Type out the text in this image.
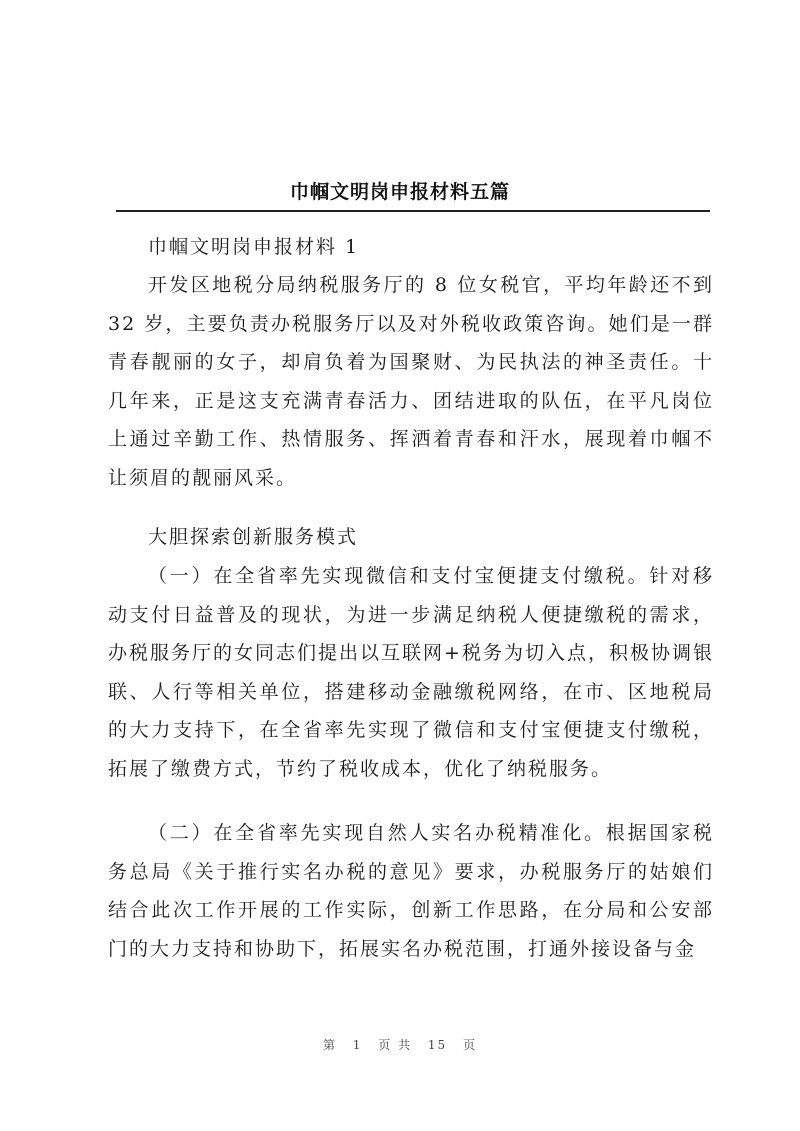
巾帼文明岗申报材料五篇

巾帼文明岗申报材料 1

开发区地税分局纳税服务厅的 8 位女税官，平均年龄还不到 32 岁，主要负责办税服务厅以及对外税收政策咨询。她们是一群青春靓丽的女子，却肩负着为国聚财、为民执法的神圣责任。十几年来，正是这支充满青春活力、团结进取的队伍，在平凡岗位上通过辛勤工作、热情服务、挥洒着青春和汗水，展现着巾帼不让须眉的靓丽风采。

大胆探索创新服务模式

（一）在全省率先实现微信和支付宝便捷支付缴税。针对移动支付日益普及的现状，为进一步满足纳税人便捷缴税的需求，办税服务厅的女同志们提出以互联网+税务为切入点，积极协调银联、人行等相关单位，搭建移动金融缴税网络，在市、区地税局的大力支持下，在全省率先实现了微信和支付宝便捷支付缴税，拓展了缴费方式，节约了税收成本，优化了纳税服务。

（二）在全省率先实现自然人实名办税精准化。根据国家税务总局《关于推行实名办税的意见》要求，办税服务厅的姑娘们结合此次工作开展的工作实际，创新工作思路，在分局和公安部门的大力支持和协助下，拓展实名办税范围，打通外接设备与金

第 1 页 共 15 页
